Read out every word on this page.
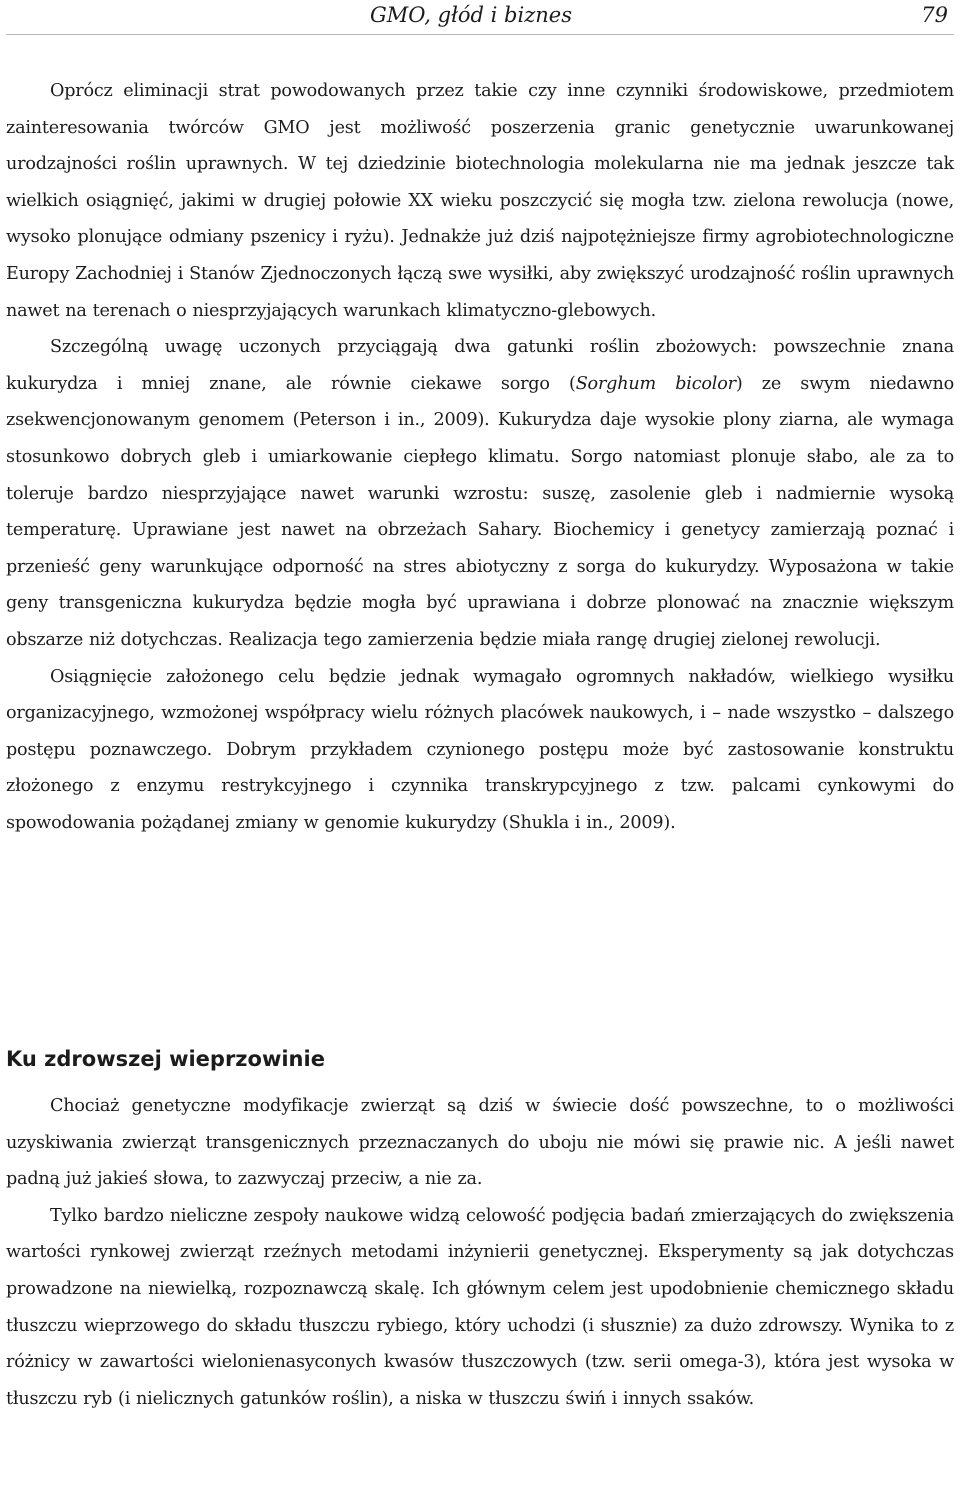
GMO, głód i biznes	79

Oprócz eliminacji strat powodowanych przez takie czy inne czynniki środowiskowe, przedmiotem zainteresowania twórców GMO jest możliwość poszerzenia granic genetycznie uwarunkowanej urodzajności roślin uprawnych. W tej dziedzinie biotechnologia molekularna nie ma jednak jeszcze tak wielkich osiągnięć, jakimi w drugiej połowie XX wieku poszczycić się mogła tzw. zielona rewolucja (nowe, wysoko plonujące odmiany pszenicy i ryżu). Jednakże już dziś najpotężniejsze firmy agrobiotechnologiczne Europy Zachodniej i Stanów Zjednoczonych łączą swe wysiłki, aby zwiększyć urodzajność roślin uprawnych nawet na terenach o niesprzyjających warunkach klimatyczno-glebowych.

Szczególną uwagę uczonych przyciągają dwa gatunki roślin zbożowych: powszechnie znana kukurydza i mniej znane, ale równie ciekawe sorgo (Sorghum bicolor) ze swym niedawno zsekwencjonowanym genomem (Peterson i in., 2009). Kukurydza daje wysokie plony ziarna, ale wymaga stosunkowo dobrych gleb i umiarkowanie ciepłego klimatu. Sorgo natomiast plonuje słabo, ale za to toleruje bardzo niesprzyjające nawet warunki wzrostu: suszę, zasolenie gleb i nadmiernie wysoką temperaturę. Uprawiane jest nawet na obrzeżach Sahary. Biochemicy i genetycy zamierzają poznać i przenieść geny warunkujące odporność na stres abiotyczny z sorga do kukurydzy. Wyposażona w takie geny transgeniczna kukurydza będzie mogła być uprawiana i dobrze plonować na znacznie większym obszarze niż dotychczas. Realizacja tego zamierzenia będzie miała rangę drugiej zielonej rewolucji.

Osiągnięcie założonego celu będzie jednak wymagało ogromnych nakładów, wielkiego wysiłku organizacyjnego, wzmożonej współpracy wielu różnych placówek naukowych, i – nade wszystko – dalszego postępu poznawczego. Dobrym przykładem czynionego postępu może być zastosowanie konstruktu złożonego z enzymu restrykcyjnego i czynnika transkrypcyjnego z tzw. palcami cynkowymi do spowodowania pożądanej zmiany w genomie kukurydzy (Shukla i in., 2009).

Ku zdrowszej wieprzowinie

Chociaż genetyczne modyfikacje zwierząt są dziś w świecie dość powszechne, to o możliwości uzyskiwania zwierząt transgenicznych przeznaczanych do uboju nie mówi się prawie nic. A jeśli nawet padną już jakieś słowa, to zazwyczaj przeciw, a nie za.

Tylko bardzo nieliczne zespoły naukowe widzą celowość podjęcia badań zmierzających do zwiększenia wartości rynkowej zwierząt rzeźnych metodami inżynierii genetycznej. Eksperymenty są jak dotychczas prowadzone na niewielką, rozpoznawczą skalę. Ich głównym celem jest upodobnienie chemicznego składu tłuszczu wieprzowego do składu tłuszczu rybiego, który uchodzi (i słusznie) za dużo zdrowszy. Wynika to z różnicy w zawartości wielonienasyconych kwasów tłuszczowych (tzw. serii omega-3), która jest wysoka w tłuszczu ryb (i nielicznych gatunków roślin), a niska w tłuszczu świń i innych ssaków.
